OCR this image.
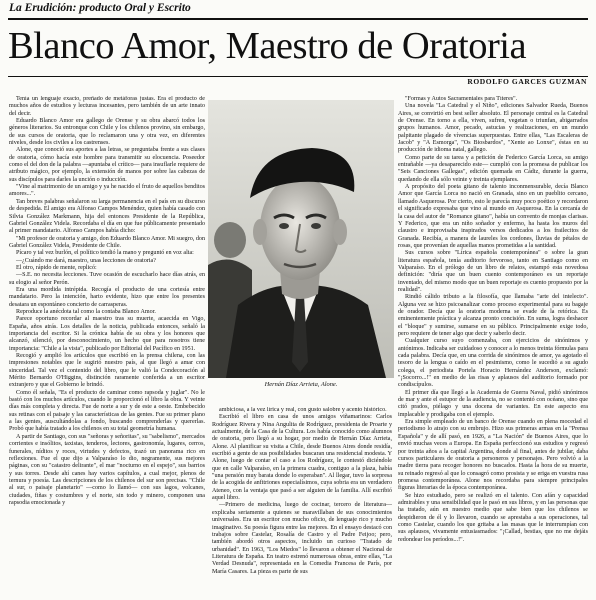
La Erudición: producto Oral y Escrito
Blanco Amor, Maestro de Oratoria
RODOLFO GARCES GUZMAN

Tenía un lenguaje exacto, preñado de metáforas justas. Era el producto de muchos años de estudios y lecturas incesantes, pero también de un arte innato del decir.

Eduardo Blanco Amor era gallego de Orense y su obra abarcó todos los géneros literarios. Su entronque con Chile y los chilenos provino, sin embargo, de sus cursos de oratoria, que lo reclamaron una y otra vez, en diferentes niveles, desde los civiles a los castrenses.

Alone, que conoció sus aportes a las letras, se preguntaba frente a sus clases de oratoria, cómo hacía este hombre para transmitir su elocuencia. Poseedor como el del don de la palabra —apuntaba el crítico— para insuflarle requiere de atributo mágico, por ejemplo, la extensión de manos por sobre las cabezas de sus discípulos para darles la unción o inducción.

"Vine al matrimonio de un amigo y ya he nacido el fruto de aquellos benditos amores...".

Tan breves palabras señalaron su larga permanencia en el país en su discurso de despedida. El amigo era Alfonso Campos Menéndez, quien había casado con Silvia González Markmann, hija del entonces Presidente de la República, Gabriel González Videla. Recordaba el día en que fue públicamente presentado al primer mandatario. Alfonso Campos había dicho:

"Mi profesor de oratoria y amigo, don Eduardo Blanco Amor. Mi suegro, don Gabriel González Videla, Presidente de Chile.

Pícaro y tal vez burlón, el político tendió la mano y preguntó en voz alta:

—¿Cuándo me dará, maestro, unas lecciones de oratoria?

El otro, rápido de mente, replicó:

—S.E. no necesita lecciones. Tuve ocasión de escucharlo hace días atrás, en su elogio al señor Perón.

Era una mordida intrépida. Recogía el producto de una cortesía entre mandatario. Pero la intención, harto evidente, hizo que entre los presentes desatara un espontáneo concierto de carrasperas.

Reproduce la anécdota tal como la contaba Blanco Amor.

Parece oportuno recordar al maestro tras su muerte, acaecida en Vigo, España, años atrás. Los detalles de la noticia, publicada entonces, señaló la importancia del escritor. Si la crónica había de su obra y los honores que alcanzó, silenció, por desconocimiento, un hecho que para nosotros tiene importancia: "Chile a la vista", publicado por Editorial del Pacífico en 1951.

Recogió y amplió los artículos que escribió en la prensa chilena, con las impresiones notables que le sugirió nuestro país, al que llegó a amar con sinceridad. Tal vez el contenido del libro, que le valió la Condecoración al Mérito Bernardo O'Higgins, distinción raramente conferida a un escritor extranjero y que el Gobierno le brindó.

Como él señala, "Es el producto de caminar como rapsoda y juglar". No le bastó con los muchos artículos, cuando le proporcionó el libro la obra. Y veinte días más completa y directa. Fue de norte a sur y de este a oeste. Embebecido sus retinas con el paisaje y las características de las gentes. Fue su primer plano a las gentes, auscultándolas a fondo, buscando comprenderlas y quererlas. Probó que había tratado a los chilenos en su total geometría humana.

A partir de Santiago, con sus "señoras y señoritas", su "sabelismo", mercados corrientes e insólitos, taxistas, tenderos, lectores, gastronomía, lugares, cerros, funerales, níditos y roces, virtudes y defectos, trazó un panorama rico en reflexiones. Fue el que dijo a Valparaíso lo dio, negramente, sus mejores páginas, con su "catastro delirante", el mar "nocturno en el espejo", sus barrios y sus torres. Desde ahí canes hay varios capítulos, a cual mejor, plenos de ternura y poesía. Las descripciones de los chilenos del sur son precisas. "Chile al sur, o paisaje planetario" —como lo llamó— con sus lagos, volcanes, ciudades, fiñas y costumbres y el norte, sin todo y minero, componen una rapsodia emocionada y

Hernán Díaz Arrieta, Alone.

ambiciosa, a la vez lírica y real, con gusto salobre y acento histórico.

Escribió el libro en casa de unos amigos viñamarinos: Carlos Rodríguez Rivera y Nina Angulita de Rodríguez, presidenta de Proarte y actualmente, de la Casa de la Cultura. Los había conocido como alumnos de oratoria, pero llegó a su hogar, por medio de Hernán Díaz Arrieta, Alone. Al planificar su visita a Chile, desde Buenos Aires donde residía, escribió a gente de sus posibilidades buscaran una residencial modesta. Y Alone, luego de contar el caso a los Rodríguez, le contestó diciéndole que en calle Valparaíso, en la primera cuadra, contiguo a la plaza, había "una pensión muy barata donde lo esperaban". Al llegar, tuvo la sorpresa de la acogida de anfitriones especialísimos, cuya sobria era un verdadero Ateneo, con la ventaja que pasó a ser alguien de la familia. Allí escribió aquel libro.

—Primero de medicina, luego de cocinar, tercero de literatura— explicaba seriamente a quienes se maravillaban de sus conocimientos universales. Era un escritor con mucho oficio, de lenguaje rico y mucho imaginativo. Su poesía figura entre las mejores. En el ensayo destacó con trabajos sobre Castelar, Rosalía de Castro y el Padre Feijoo; pero, también abordó otros aspectos, incluido un curioso "Tratado de urbanidad". En 1963, "Los Miedos" lo llevaron a obtener el Nacional de Literatura de España. En teatro estrenó numerosas obras, entre ellas, "La Verdad Desnuda", representada en la Comedia Francesa de París, por María Casares. La pieza es parte de sus

"Formas y Autos Sacramentales para Títeres".

Una novela "La Catedral y el Niño", ediciones Salvador Rueda, Buenos Aires, se convirtió en best seller absoluto. El personaje central es la Catedral de Orense. En torno a ella, viven, sufren, vegetan o triunfan, abigarrados grupos humanos. Amor, pecado, astucias y realizaciones, en un mundo palpitante plagado de vívencias superpuestas. Entre ellas, "Las Escaleras de Jacob" y "A Esmorga", "Os Biosbardos", "Xente ao Lonxe", éstas en su producción de idioma natal, gallego.

Como parte de su tarea y a petición de Federico García Lorca, su amigo entrañable —ya desaparecido este— cumplió con la promesa de publicar los "Seis Canciones Gallegas", edición quemada en Cádiz, durante la guerra, quedando de ella sólo veinte y treinta ejemplares.

A propósito del poeta gitano de talento inconmensurable, decía Blanco Amor que García Lorca no nació en Granada, sino en un pueblito cercano, llamado Asquerosa. Por cierto, esto le parecía muy poco poético y recordaron el significado expresaba que vino al mundo en Asquerosa. En la cercanía de la casa del autor de "Romance gitano", había un convento de monjas clarisas. Y Federico, que era un niño soñador y enfermo, ha hasta los muros del claustro e improvisaba inspirados versos dedicados a los frailecitos de Granada. Recibía, a manera de laureles los cordones, lluvias de pétalos de rosas, que provenían de aquellas manos prometidas a la santidad.

Sus cursos sobre "Lírica española contemporánea" o sobre la gran literatura española, tenía auditorio fervoroso, tanto en Santiago como en Valparaíso. En el prólogo de un libro de relatos, estampó esta novedosa definición: "diría que un buen cuento contemporáneo es un reportaje inventado, del mismo modo que un buen reportaje es cuento propuesto por la realidad".

Rindió cálido tributo a la filosofía, que llamaba "arte del intelecto". Alguna vez se hizo psicoanalizar como proceso experimental para su bagaje de orador. Decía que la oratoria moderna se evade de la retórica. Es eminentemente práctica y alcanza pronto concisión. En suma, logra deshacer el "bloque" y sumirse, sumarse en su público. Principalmente exige todo, pero requiere de tener algo que decir y saberlo decir.

Cualquier curso suyo comenzaba, con ejercicios de sinónimos y antónimos. Indicaba ser cuidadoso y conocer a lo menos treinta fórmulas para cada palabra. Decía que, en una corrida de sinónimos de amor, ya agotado el tesoro de la lengua o caído en el pesimismo, como le sucedió a su agudo colega, el periodista Portela Horacio Hernández Anderson, exclamó: "¡Socorro...!" en medio de las risas y aplausos del auditorio formado por condiscípulos.

El primer día que llegó a la Academia de Guerra Naval, pidió sinónimos de mar y ante el estupor de la audiencia, no se contentó con océano, sino que citó prados, piélago y una docena de variantes. En este aspecto era implacable y prodigaba con el ejemplo.

Era simple empleado de un banco de Orense cuando en plena mocedad el periodismo lo atrajo con su embrujo. Hizo sus primeras armas en la "Prensa Española" y de allí pasó, en 1926, a "La Nación" de Buenos Aires, que lo envió muchas veces a Europa. En España perfeccionó sus estudios y regresó por treinta años a la capital Argentina, donde al final, antes de jubilar, daba cursos particulares de oratoria a personeros y personajes. Pero volvió a la madre tierra para recoger honores no buscados. Hasta la hora de su muerte, su reinado regresó al que lo consagró como prosista y se eriga en vuestra rusa promesa contemporánea. Alone nos recordaba para siempre principales figuras literarias de la época contemporánea.

Se hizo estudiado, pero se realizó en el talento. Con afán y capacidad admirables y una sensibilidad que le pasó en sus libros, y en las personas que ha tratado, aún en nuestro medio que sabe bien que los chilenos se despidieron de él y lo llevaron, cuando se aprestaba a sus operaciones, tal como Castelar, cuando los que gritaba a las masas que le interrumpían con sus aplausos, vivamente entusiasmados: "¡Callad, bestias, que no me dejáis redondear los períodos...!".
